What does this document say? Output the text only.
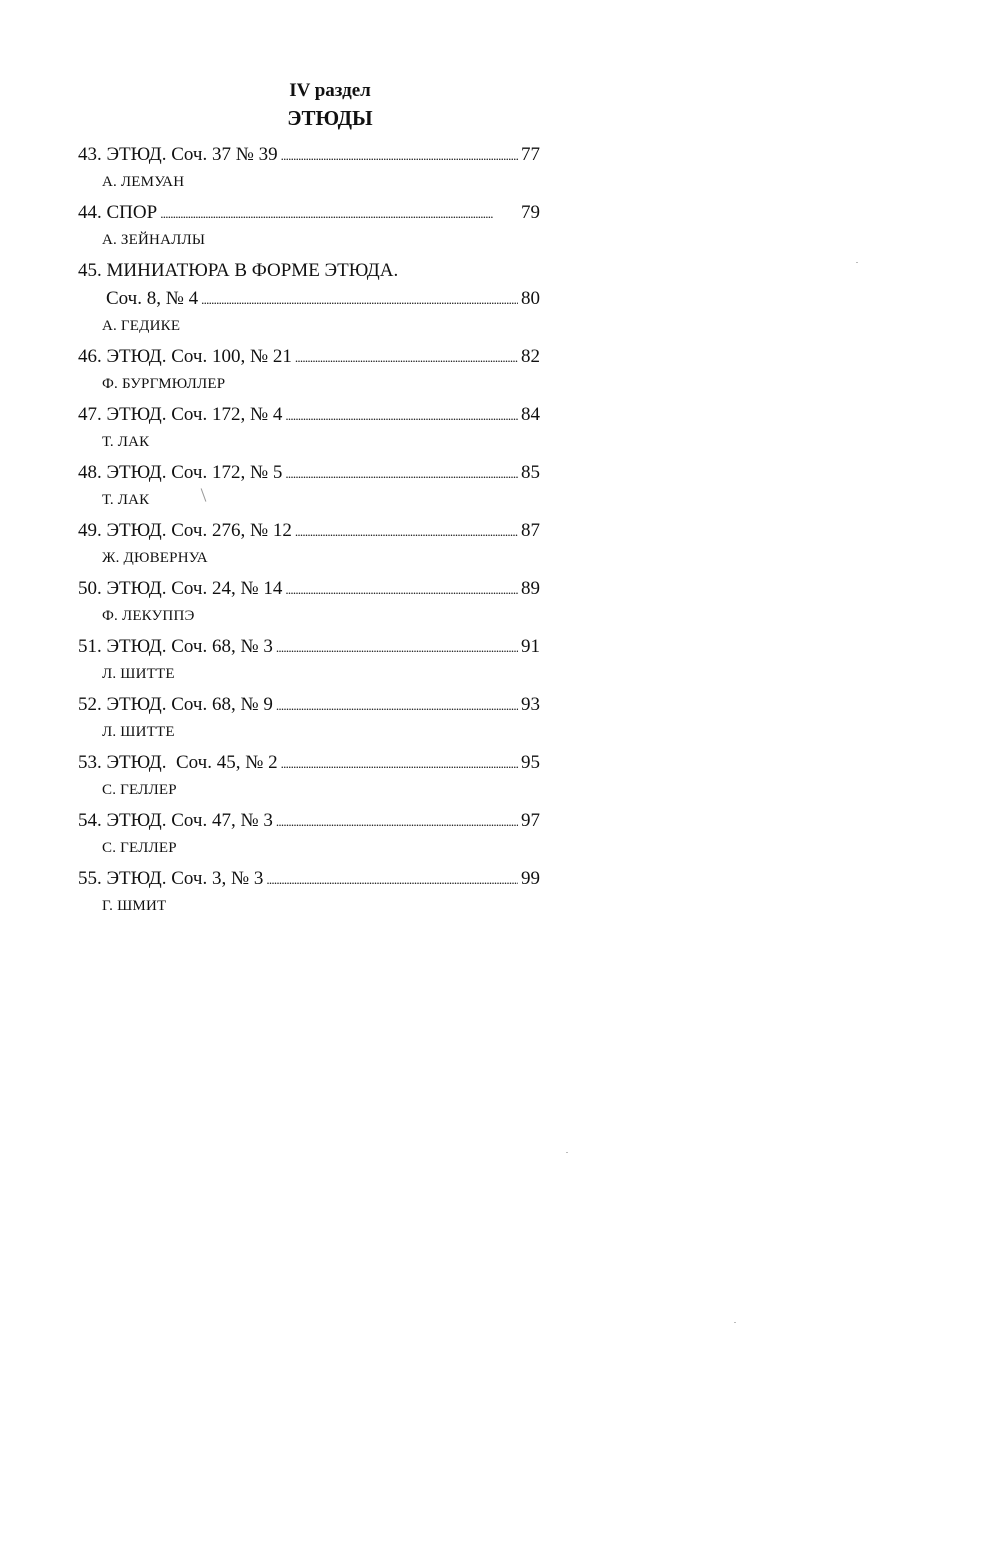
IV раздел
ЭТЮДЫ
43. ЭТЮД. Соч. 37 № 39 . . .	77
А. ЛЕМУАН
44. СПОР . . .	79
А. ЗЕЙНАЛЛЫ
45. МИНИАТЮРА В ФОРМЕ ЭТЮДА.
Соч. 8, № 4 . . .	80
А. ГЕДИКЕ
46. ЭТЮД. Соч. 100, № 21 . . .	82
Ф. БУРГМЮЛЛЕР
47. ЭТЮД. Соч. 172, № 4 . . .	84
Т. ЛАК
48. ЭТЮД. Соч. 172, № 5 . . .	85
Т. ЛАК
49. ЭТЮД. Соч. 276, № 12 . . .	87
Ж. ДЮВЕРНУА
50. ЭТЮД. Соч. 24, № 14 . . .	89
Ф. ЛЕКУППЭ
51. ЭТЮД. Соч. 68, № 3 . . .	91
Л. ШИТТЕ
52. ЭТЮД. Соч. 68, № 9 . . .	93
Л. ШИТТЕ
53. ЭТЮД.  Соч. 45, № 2 . . .	95
С. ГЕЛЛЕР
54. ЭТЮД. Соч. 47, № 3 . . .	97
С. ГЕЛЛЕР
55. ЭТЮД. Соч. 3, № 3 . . .	99
Г. ШМИТ
